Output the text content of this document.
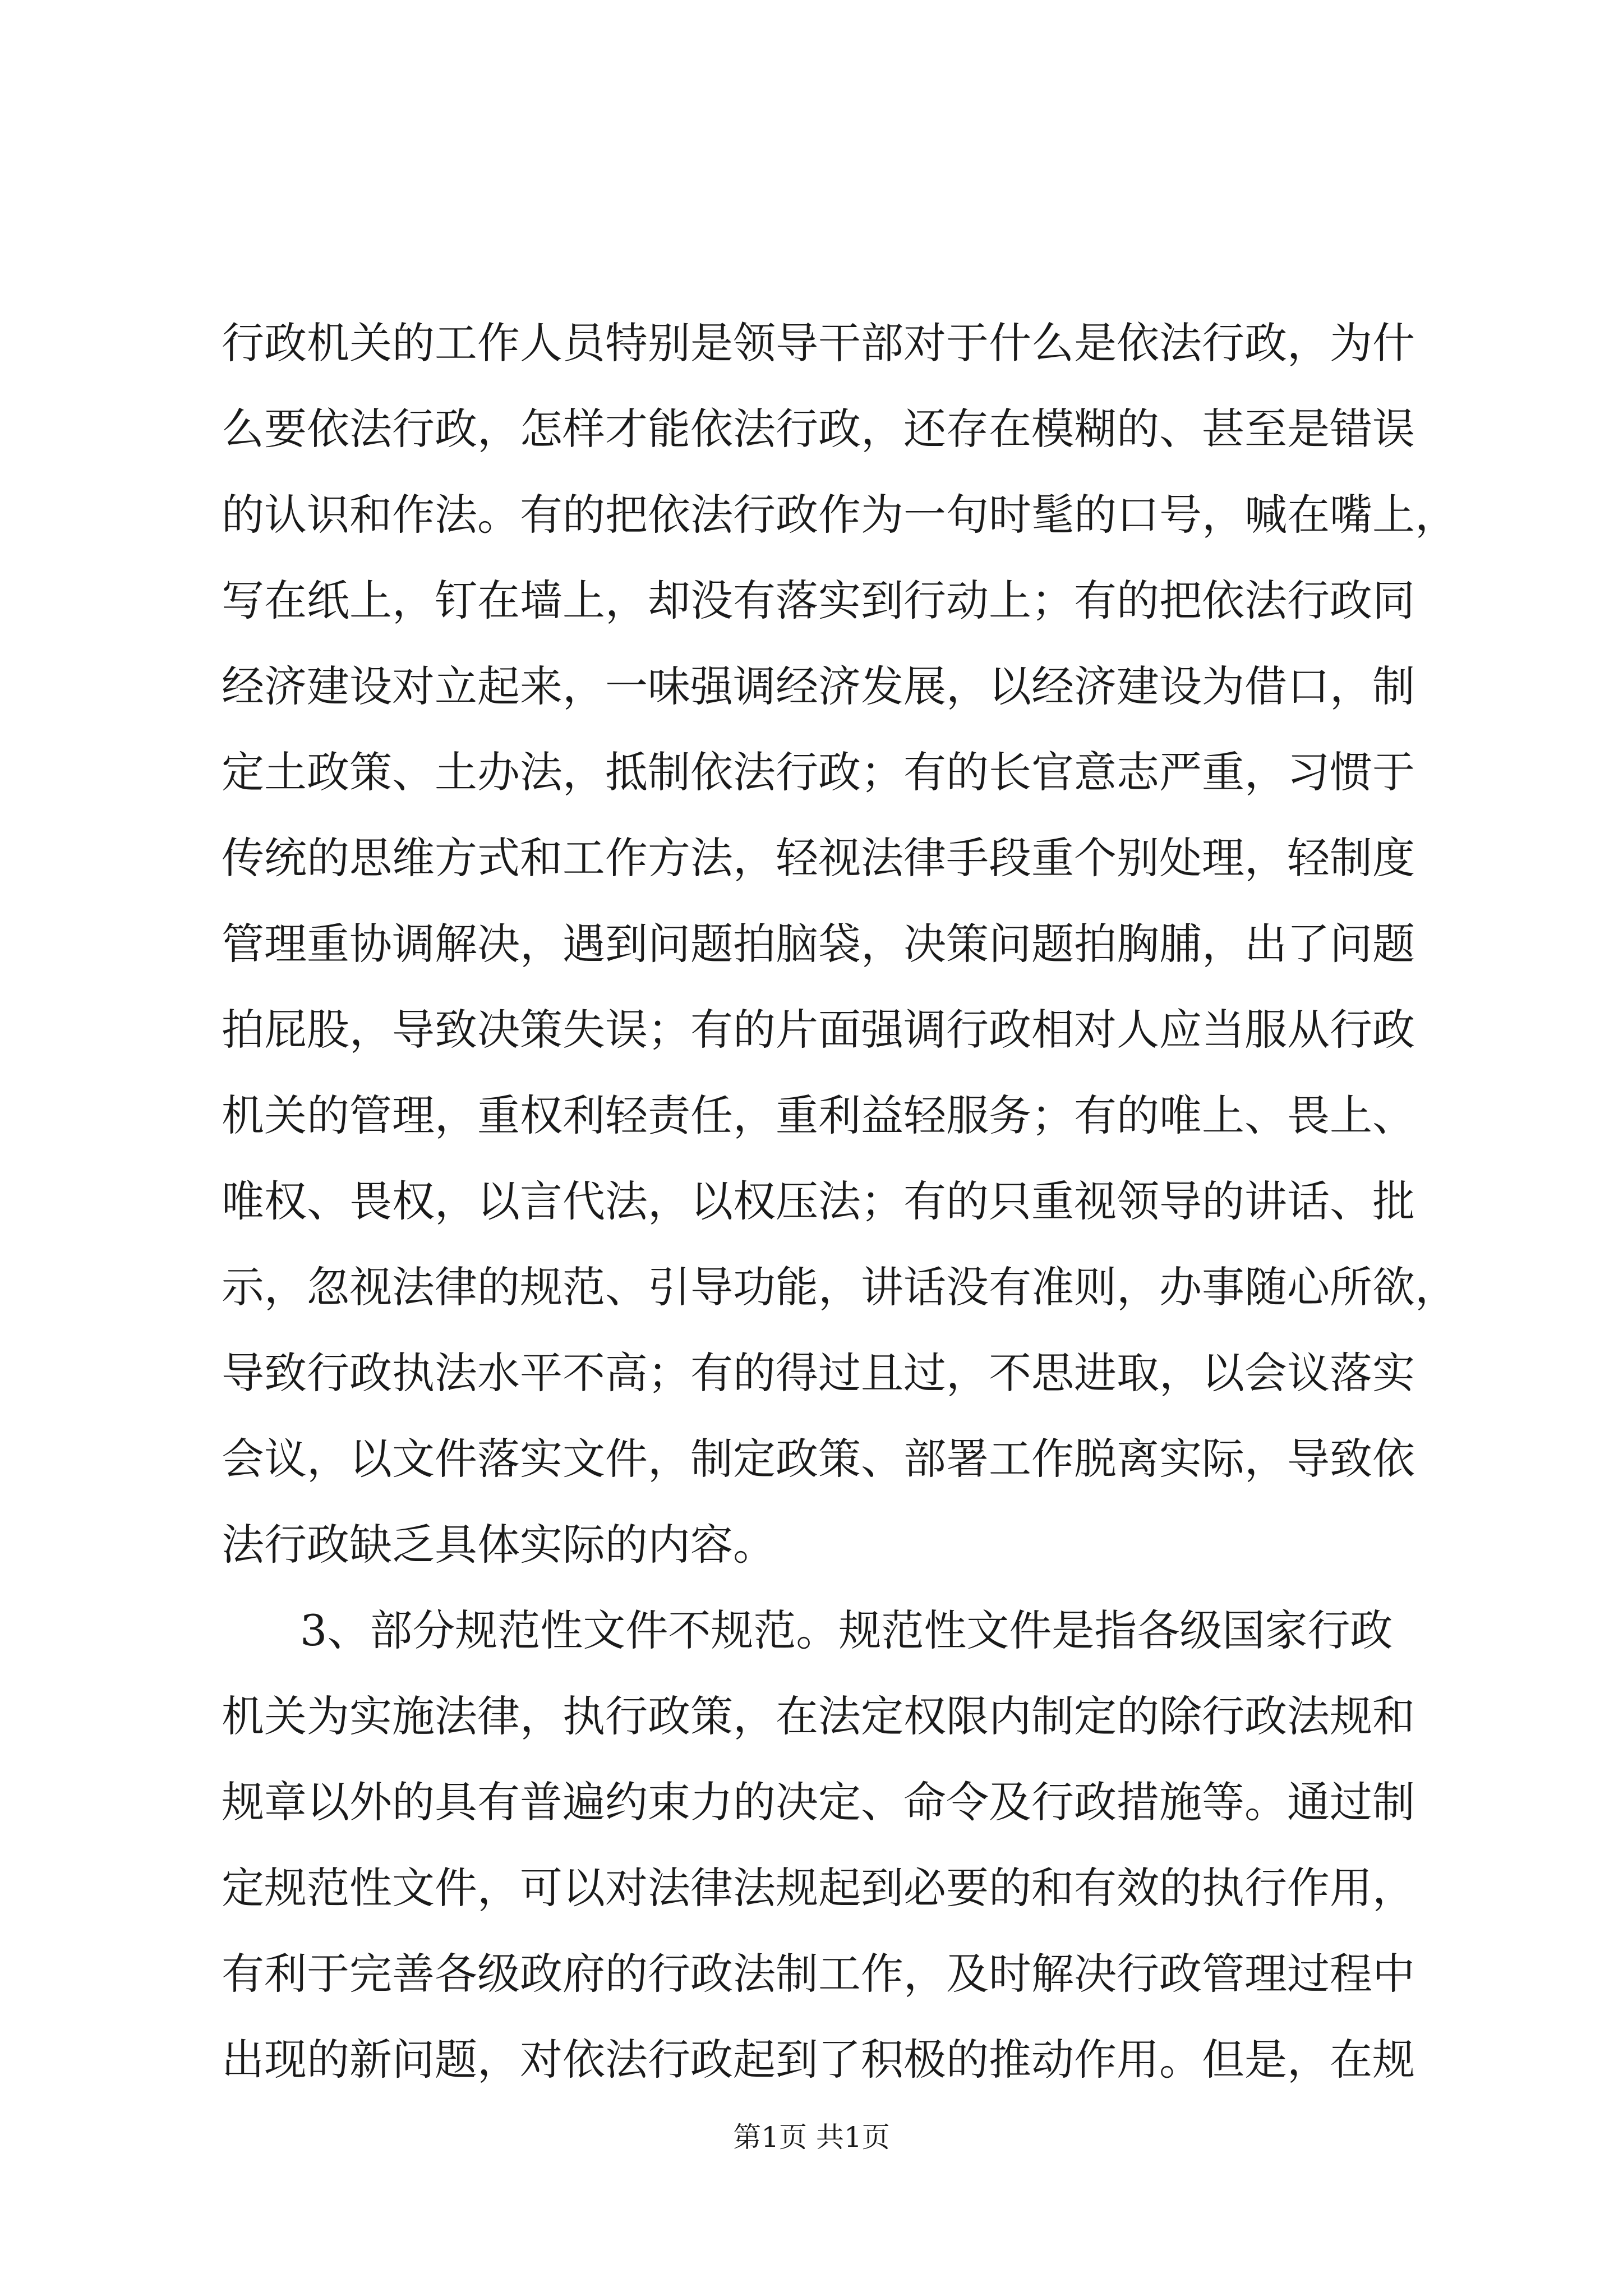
行政机关的工作人员特别是领导干部对于什么是依法行政，为什
么要依法行政，怎样才能依法行政，还存在模糊的、甚至是错误
的认识和作法。有的把依法行政作为一句时髦的口号，喊在嘴上，
写在纸上，钉在墙上，却没有落实到行动上；有的把依法行政同
经济建设对立起来，一味强调经济发展，以经济建设为借口，制
定土政策、土办法，抵制依法行政；有的长官意志严重，习惯于
传统的思维方式和工作方法，轻视法律手段重个别处理，轻制度
管理重协调解决，遇到问题拍脑袋，决策问题拍胸脯，出了问题
拍屁股，导致决策失误；有的片面强调行政相对人应当服从行政
机关的管理，重权利轻责任，重利益轻服务；有的唯上、畏上、
唯权、畏权，以言代法，以权压法；有的只重视领导的讲话、批
示，忽视法律的规范、引导功能，讲话没有准则，办事随心所欲，
导致行政执法水平不高；有的得过且过，不思进取，以会议落实
会议，以文件落实文件，制定政策、部署工作脱离实际，导致依
法行政缺乏具体实际的内容。
3、部分规范性文件不规范。规范性文件是指各级国家行政
机关为实施法律，执行政策，在法定权限内制定的除行政法规和
规章以外的具有普遍约束力的决定、命令及行政措施等。通过制
定规范性文件，可以对法律法规起到必要的和有效的执行作用，
有利于完善各级政府的行政法制工作，及时解决行政管理过程中
出现的新问题，对依法行政起到了积极的推动作用。但是，在规
第1页 共1页
